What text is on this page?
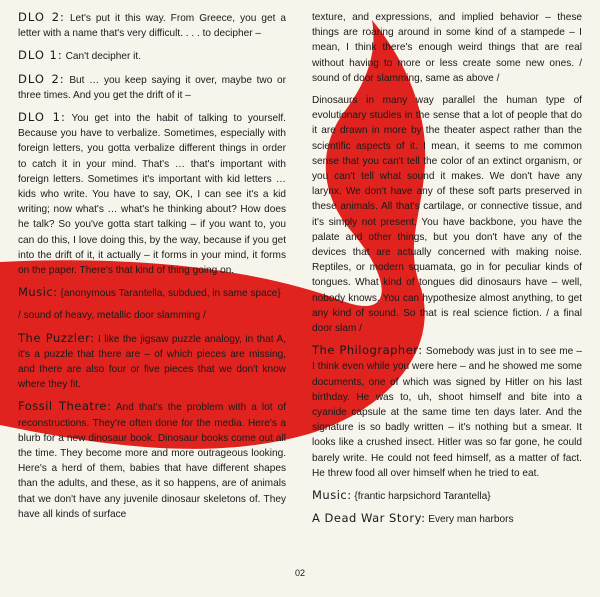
DLO 2: Let's put it this way. From Greece, you get a letter with a name that's very difficult. . . . to decipher –

DLO 1: Can't decipher it.

DLO 2: But … you keep saying it over, maybe two or three times. And you get the drift of it –

DLO 1: You get into the habit of talking to yourself. Because you have to verbalize. Sometimes, especially with foreign letters, you gotta verbalize different things in order to catch it in your mind. That's … that's important with foreign letters. Sometimes it's important with kid letters … kids who write. You have to say, OK, I can see it's a kid writing; now what's … what's he thinking about? How does he talk? So you've gotta start talking – if you want to, you can do this, I love doing this, by the way, because if you get into the drift of it, it actually – it forms in your mind, it forms on the paper. There's that kind of thing going on.

Music: {anonymous Tarantella, subdued, in same space}

/ sound of heavy, metallic door slamming /

The Puzzler: I like the jigsaw puzzle analogy, in that A, it's a puzzle that there are – of which pieces are missing, and there are also four or five pieces that we don't know where they fit.

Fossil Theatre: And that's the problem with a lot of reconstructions. They're often done for the media. Here's a blurb for a new dinosaur book. Dinosaur books come out all the time. They become more and more outrageous looking. Here's a herd of them, babies that have different shapes than the adults, and these, as it so happens, are of animals that we don't have any juvenile dinosaur skeletons of. They have all kinds of surface

texture, and expressions, and implied behavior – these things are roaring around in some kind of a stampede – I mean, I think there's enough weird things that are real without having to more or less create some new ones. / sound of door slamming, same as above /

Dinosaurs in many way parallel the human type of evolutionary studies in the sense that a lot of people that do it are drawn in more by the theater aspect rather than the scientific aspects of it. I mean, it seems to me common sense that you can't tell the color of an extinct organism, or you can't tell what sound it makes. We don't have any larynx. We don't have any of these soft parts preserved in these animals. All that's cartilage, or connective tissue, and it's simply not present. You have backbone, you have the palate and other things, but you don't have any of the devices that are actually concerned with making noise. Reptiles, or modern squamata, go in for peculiar kinds of tongues. What kind of tongues did dinosaurs have – well, nobody knows. You can hypothesize almost anything, to get any kind of sound. So that is real science fiction. / a final door slam /

The Philographer: Somebody was just in to see me – I think even while you were here – and he showed me some documents, one of which was signed by Hitler on his last birthday. He was to, uh, shoot himself and bite into a cyanide capsule at the same time ten days later. And the signature is so badly written – it's nothing but a smear. It looks like a crushed insect. Hitler was so far gone, he could barely write. He could not feed himself, as a matter of fact. He threw food all over himself when he tried to eat.

Music: {frantic harpsichord Tarantella}

A Dead War Story: Every man harbors

02
